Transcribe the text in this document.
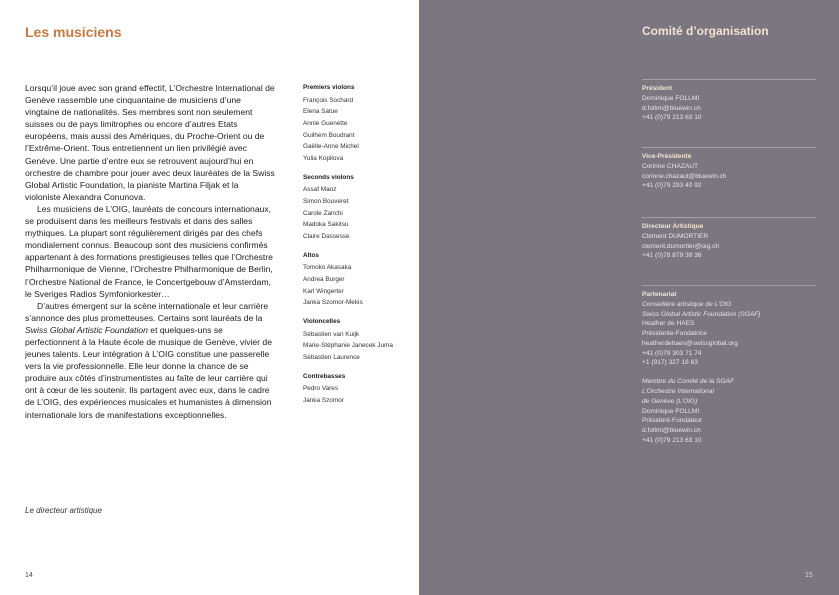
Les musiciens

Lorsqu’il joue avec son grand effectif, L’Orchestre International de Genève rassemble une cinquantaine de musiciens d’une vingtaine de nationalités. Ses membres sont non seulement suisses ou de pays limitrophes ou encore d’autres Etats européens, mais aussi des Amériques, du Proche-Orient ou de l’Extrême-Orient. Tous entretiennent un lien privilégié avec Genève. Une partie d’entre eux se retrouvent aujourd’hui en orchestre de chambre pour jouer avec deux lauréates de la Swiss Global Artistic Foundation, la pianiste Martina Filjak et la violoniste Alexandra Conunova.

Les musiciens de L’OIG, lauréats de concours internationaux, se produisent dans les meilleurs festivals et dans des salles mythiques. La plupart sont régulièrement dirigés par des chefs mondialement connus. Beaucoup sont des musiciens confirmés appartenant à des formations prestigieuses telles que l’Orchestre Philharmonique de Vienne, l’Orchestre Philharmonique de Berlin, l’Orchestre National de France, le Concertgebouw d’Amsterdam, le Sveriges Radios Symfoniorkester…

D’autres émergent sur la scène internationale et leur carrière s’annonce des plus prometteuses. Certains sont lauréats de la Swiss Global Artistic Foundation et quelques-uns se perfectionnent à la Haute école de musique de Genève, vivier de jeunes talents. Leur intégration à L’OIG constitue une passerelle vers la vie professionnelle. Elle leur donne la chance de se produire aux côtés d’instrumentistes au faîte de leur carrière qui ont à cœur de les soutenir. Ils partagent avec eux, dans le cadre de L’OIG, des expériences musicales et humanistes à dimension internationale lors de manifestations exceptionnelles.

Le directeur artistique
14
Premiers violons
François Sochard
Elena Satue
Annie Guenette
Guilhem Boudrant
Gaëlle-Anne Michel
Yulia Kopilova
Seconds violons
Assaf Maoz
Simon Bouveret
Carole Zanchi
Madoka Sakitsu
Claire Dassesse
Altos
Tomoko Akasaka
Andrea Burger
Karl Wingerter
Janka Szomor-Mekis
Violoncelles
Sébastien van Kuijk
Marie-Stéphanie Janecek Juma
Sébastien Laurence
Contrebasses
Pedro Vares
Janka Szomor
Comité d’organisation
Président
Dominique FOLLMI
d.follmi@bluewin.ch
+41 (0)79 213 63 10
Vice-Présidente
Corinne CHAZAUT
corinne.chazaut@bluewin.ch
+41 (0)79 293 40 92
Directeur Artistique
Clément DUMORTIER
clement.dumortier@oig.ch
+41 (0)78 879 39 36
Partenariat
Conseillère artistique de L’OIG
Swiss Global Artistic Foundation (SGAF)
Heather de HAES
Présidente-Fondatrice
heatherdehaes@swissglobal.org
+41 (0)79 303 71 74
+1 (917) 327 18 63
Membre du Comité de la SGAF
L’Orchestre International
de Genève (L’OIG)
Dominique FOLLMI
Président-Fondateur
d.follmi@bluewin.ch
+41 (0)79 213 63 10
15
